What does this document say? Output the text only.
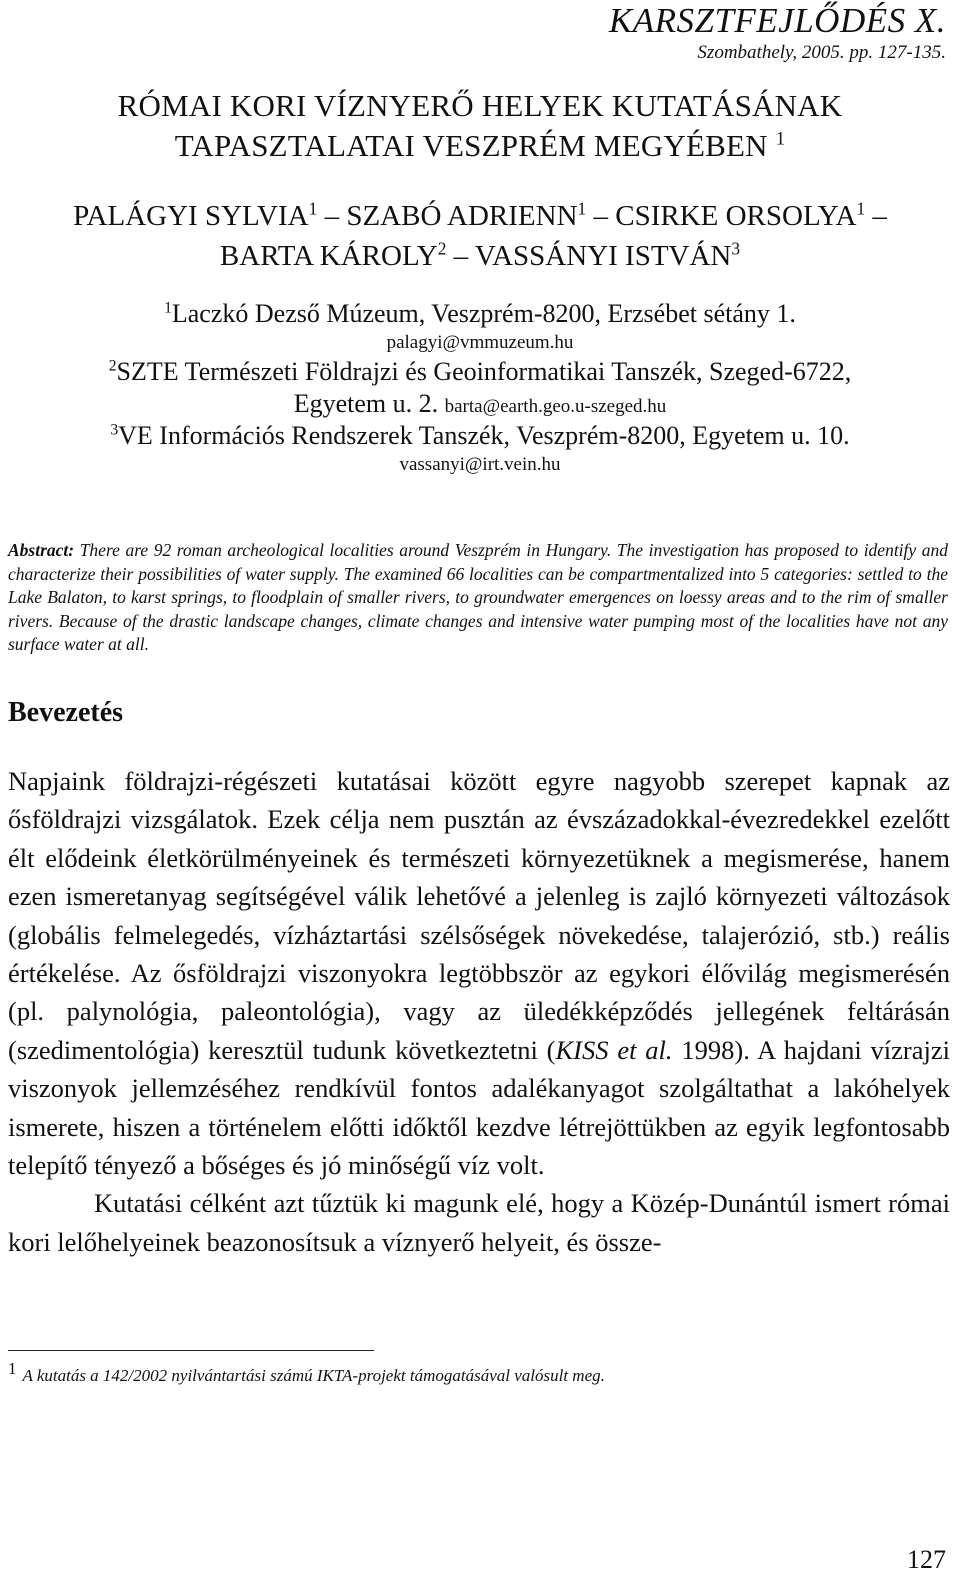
KARSZTFEJLŐDÉS X.
Szombathely, 2005. pp. 127-135.
RÓMAI KORI VÍZNYERŐ HELYEK KUTATÁSÁNAK
TAPASZTALATAI VESZPRÉM MEGYÉBEN $^1$
PALÁGYI SYLVIA$^1$ – SZABÓ ADRIENN$^1$ – CSIRKE ORSOLYA$^1$ –
BARTA KÁROLY$^2$ – VASSÁNYI ISTVÁN$^3$
$^1$Laczkó Dezső Múzeum, Veszprém-8200, Erzsébet sétány 1.
palagyi@vmmuzeum.hu
$^2$SZTE Természeti Földrajzi és Geoinformatikai Tanszék, Szeged-6722,
Egyetem u. 2. barta@earth.geo.u-szeged.hu
$^3$VE Információs Rendszerek Tanszék, Veszprém-8200, Egyetem u. 10.
vassanyi@irt.vein.hu
Abstract: There are 92 roman archeological localities around Veszprém in Hungary. The investigation has proposed to identify and characterize their possibilities of water supply. The examined 66 localities can be compartmentalized into 5 categories: settled to the Lake Balaton, to karst springs, to floodplain of smaller rivers, to groundwater emergences on loessy areas and to the rim of smaller rivers. Because of the drastic landscape changes, climate changes and intensive water pumping most of the localities have not any surface water at all.
Bevezetés

Napjaink földrajzi-régészeti kutatásai között egyre nagyobb szerepet kapnak az ősföldrajzi vizsgálatok. Ezek célja nem pusztán az évszázadokkal-évezredekkel ezelőtt élt elődeink életkörülményeinek és természeti környezetüknek a megismerése, hanem ezen ismeretanyag segítségével válik lehetővé a jelenleg is zajló környezeti változások (globális felmelegedés, vízháztartási szélsőségek növekedése, talajerózió, stb.) reális értékelése. Az ősföldrajzi viszonyokra legtöbbször az egykori élővilág megismerésén (pl. palynológia, paleontológia), vagy az üledékképződés jellegének feltárásán (szedimentológia) keresztül tudunk következtetni (KISS et al. 1998). A hajdani vízrajzi viszonyok jellemzéséhez rendkívül fontos adalékanyagot szolgáltathat a lakóhelyek ismerete, hiszen a történelem előtti időktől kezdve létrejöttükben az egyik legfontosabb telepítő tényező a bőséges és jó minőségű víz volt.

Kutatási célként azt tűztük ki magunk elé, hogy a Közép-Dunántúl ismert római kori lelőhelyeinek beazonosítsuk a víznyerő helyeit, és össze-

1 A kutatás a 142/2002 nyilvántartási számú IKTA-projekt támogatásával valósult meg.
127
